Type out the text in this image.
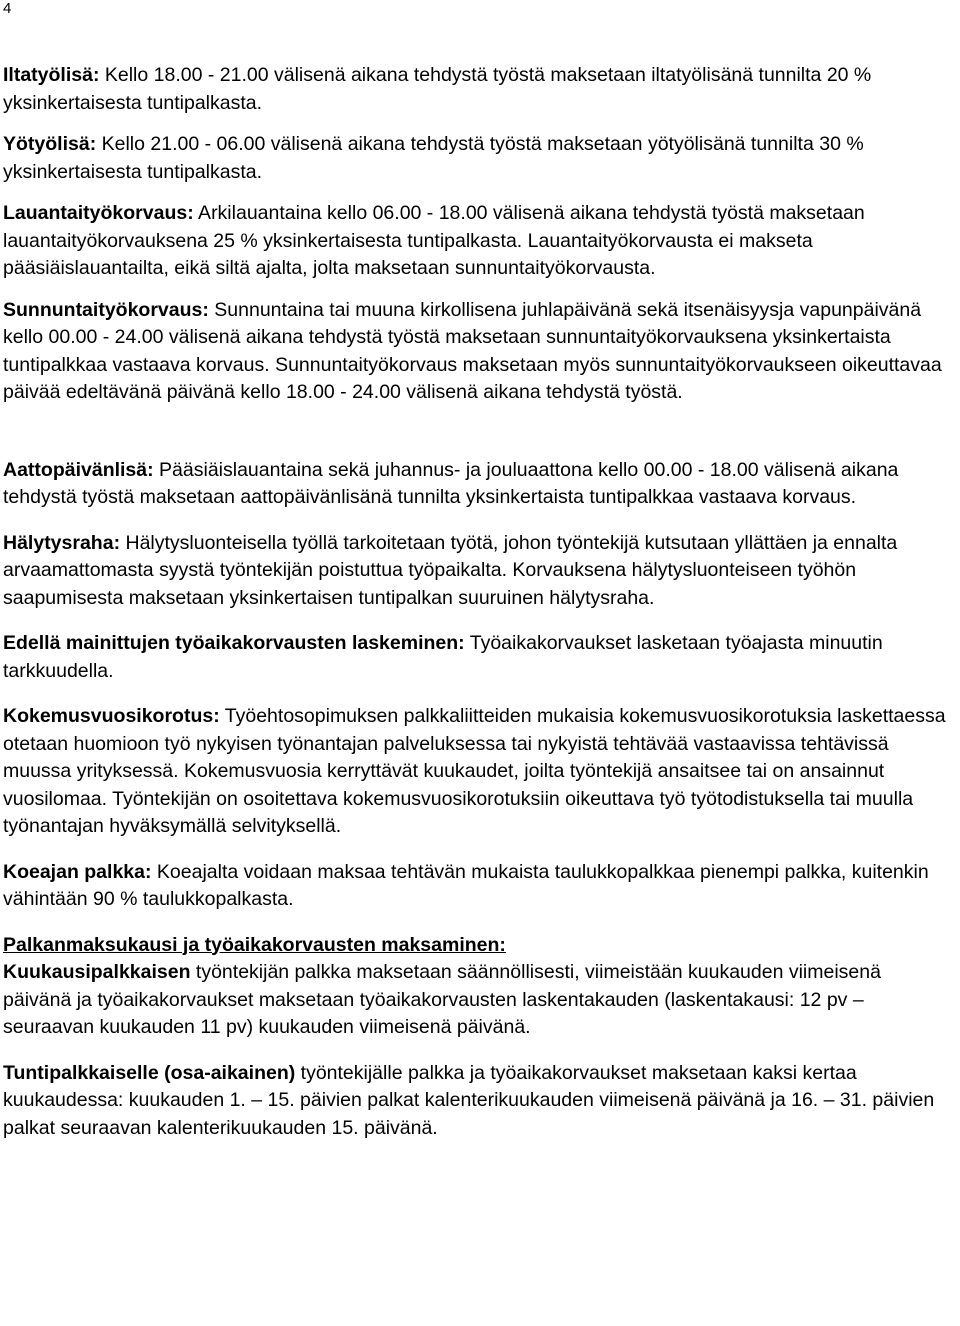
4

Iltatyölisä: Kello 18.00 - 21.00 välisenä aikana tehdystä työstä maksetaan iltatyölisänä tunnilta 20 % yksinkertaisesta tuntipalkasta.

Yötyölisä: Kello 21.00 - 06.00 välisenä aikana tehdystä työstä maksetaan yötyölisänä tunnilta 30 % yksinkertaisesta tuntipalkasta.

Lauantaityökorvaus: Arkilauantaina kello 06.00 - 18.00 välisenä aikana tehdystä työstä maksetaan lauantaityökorvauksena 25 % yksinkertaisesta tuntipalkasta. Lauantaityökorvausta ei makseta pääsiäislauantailta, eikä siltä ajalta, jolta maksetaan sunnuntaityökorvausta.

Sunnuntaityökorvaus: Sunnuntaina tai muuna kirkollisena juhlapäivänä sekä itsenäisyysja vapunpäivänä kello 00.00 - 24.00 välisenä aikana tehdystä työstä maksetaan sunnuntaityökorvauksena yksinkertaista tuntipalkkaa vastaava korvaus. Sunnuntaityökorvaus maksetaan myös sunnuntaityökorvaukseen oikeuttavaa päivää edeltävänä päivänä kello 18.00 - 24.00 välisenä aikana tehdystä työstä.

Aattopäivänlisä: Pääsiäislauantaina sekä juhannus- ja jouluaattona kello 00.00 - 18.00 välisenä aikana tehdystä työstä maksetaan aattopäivänlisänä tunnilta yksinkertaista tuntipalkkaa vastaava korvaus.

Hälytysraha: Hälytysluonteisella työllä tarkoitetaan työtä, johon työntekijä kutsutaan yllättäen ja ennalta arvaamattomasta syystä työntekijän poistuttua työpaikalta. Korvauksena hälytysluonteiseen työhön saapumisesta maksetaan yksinkertaisen tuntipalkan suuruinen hälytysraha.

Edellä mainittujen työaikakorvausten laskeminen: Työaikakorvaukset lasketaan työajasta minuutin tarkkuudella.

Kokemusvuosikorotus: Työehtosopimuksen palkkaliitteiden mukaisia kokemusvuosikorotuksia laskettaessa otetaan huomioon työ nykyisen työnantajan palveluksessa tai nykyistä tehtävää vastaavissa tehtävissä muussa yrityksessä. Kokemusvuosia kerryttävät kuukaudet, joilta työntekijä ansaitsee tai on ansainnut vuosilomaa. Työntekijän on osoitettava kokemusvuosikorotuksiin oikeuttava työ työtodistuksella tai muulla työnantajan hyväksymällä selvityksellä.

Koeajan palkka: Koeajalta voidaan maksaa tehtävän mukaista taulukkopalkkaa pienempi palkka, kuitenkin vähintään 90 % taulukkopalkasta.

Palkanmaksukausi ja työaikakorvausten maksaminen:
Kuukausipalkkaisen työntekijän palkka maksetaan säännöllisesti, viimeistään kuukauden viimeisenä päivänä ja työaikakorvaukset maksetaan työaikakorvausten laskentakauden (laskentakausi: 12 pv – seuraavan kuukauden 11 pv) kuukauden viimeisenä päivänä.

Tuntipalkkaiselle (osa-aikainen) työntekijälle palkka ja työaikakorvaukset maksetaan kaksi kertaa kuukaudessa: kuukauden 1. – 15. päivien palkat kalenterikuukauden viimeisenä päivänä ja 16. – 31. päivien palkat seuraavan kalenterikuukauden 15. päivänä.
